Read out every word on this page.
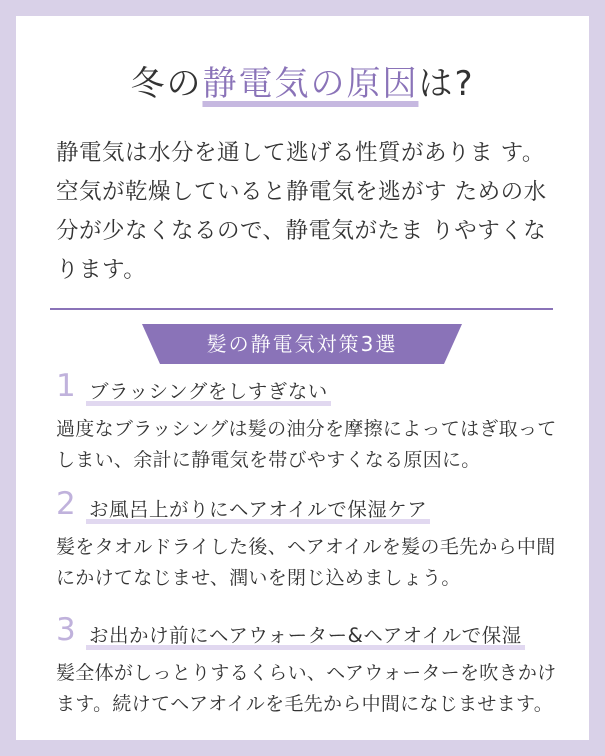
冬の静電気の原因は?
静電気は水分を通して逃げる性質がありま す。空気が乾燥していると静電気を逃がす ための水分が少なくなるので、静電気がたま りやすくなります。
髪の静電気対策3選
1 ブラッシングをしすぎない
過度なブラッシングは髪の油分を摩擦によってはぎ取ってしまい、余計に静電気を帯びやすくなる原因に。
2 お風呂上がりにヘアオイルで保湿ケア
髪をタオルドライした後、ヘアオイルを髪の毛先から中間にかけてなじませ、潤いを閉じ込めましょう。
3 お出かけ前にヘアウォーター&ヘアオイルで保湿
髪全体がしっとりするくらい、ヘアウォーターを吹きかけます。続けてヘアオイルを毛先から中間になじませます。
